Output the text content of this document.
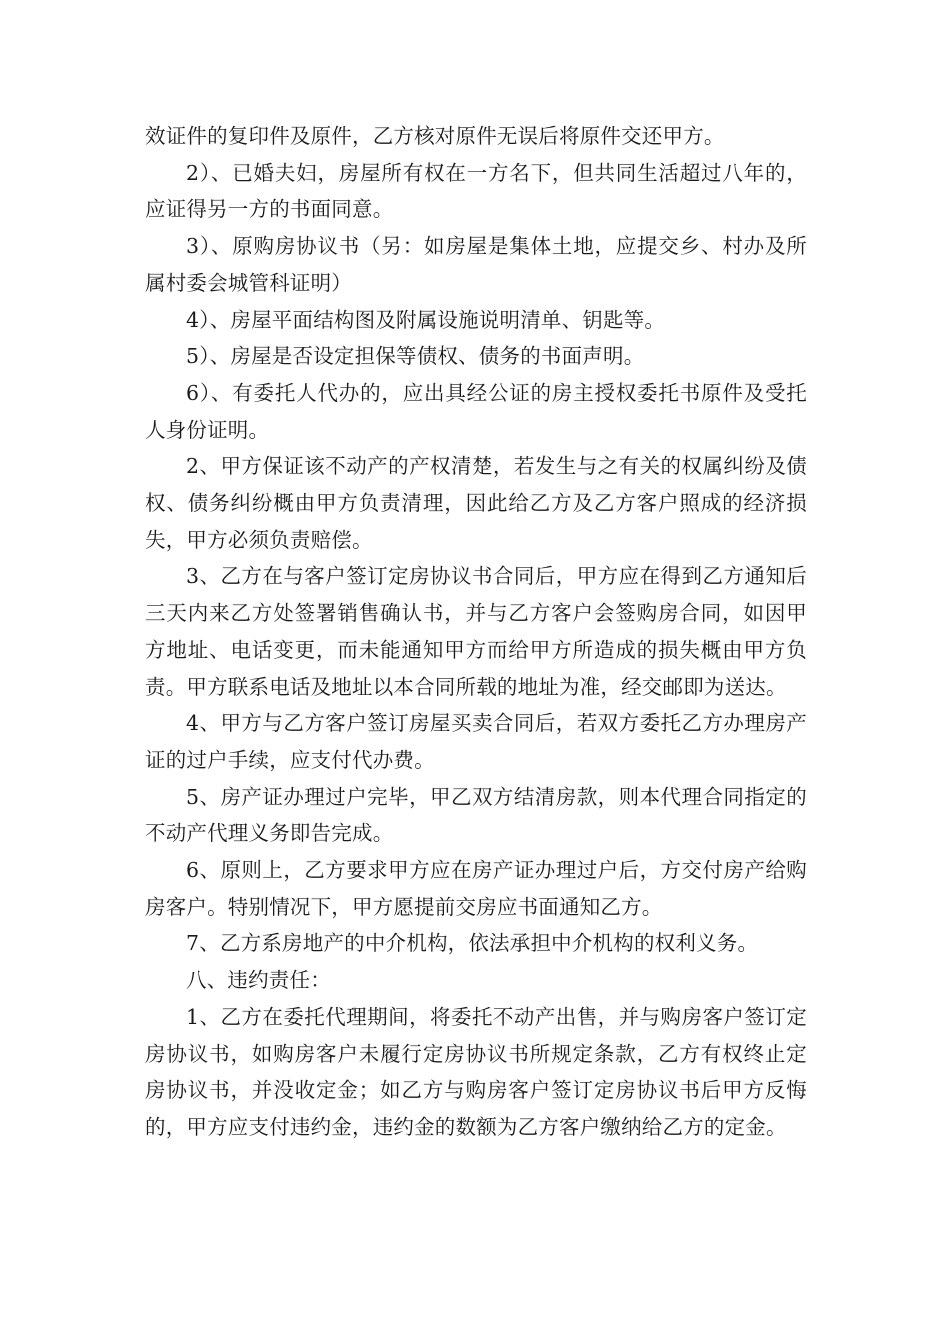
效证件的复印件及原件，乙方核对原件无误后将原件交还甲方。

2）、已婚夫妇，房屋所有权在一方名下，但共同生活超过八年的，应证得另一方的书面同意。

3）、原购房协议书（另：如房屋是集体土地，应提交乡、村办及所属村委会城管科证明）

4）、房屋平面结构图及附属设施说明清单、钥匙等。

5）、房屋是否设定担保等债权、债务的书面声明。

6）、有委托人代办的，应出具经公证的房主授权委托书原件及受托人身份证明。

2、甲方保证该不动产的产权清楚，若发生与之有关的权属纠纷及债权、债务纠纷概由甲方负责清理，因此给乙方及乙方客户照成的经济损失，甲方必须负责赔偿。

3、乙方在与客户签订定房协议书合同后，甲方应在得到乙方通知后三天内来乙方处签署销售确认书，并与乙方客户会签购房合同，如因甲方地址、电话变更，而未能通知甲方而给甲方所造成的损失概由甲方负责。甲方联系电话及地址以本合同所载的地址为准，经交邮即为送达。

4、甲方与乙方客户签订房屋买卖合同后，若双方委托乙方办理房产证的过户手续，应支付代办费。

5、房产证办理过户完毕，甲乙双方结清房款，则本代理合同指定的不动产代理义务即告完成。

6、原则上，乙方要求甲方应在房产证办理过户后，方交付房产给购房客户。特别情况下，甲方愿提前交房应书面通知乙方。

7、乙方系房地产的中介机构，依法承担中介机构的权利义务。

八、违约责任：

1、乙方在委托代理期间，将委托不动产出售，并与购房客户签订定房协议书，如购房客户未履行定房协议书所规定条款，乙方有权终止定房协议书，并没收定金；如乙方与购房客户签订定房协议书后甲方反悔的，甲方应支付违约金，违约金的数额为乙方客户缴纳给乙方的定金。
